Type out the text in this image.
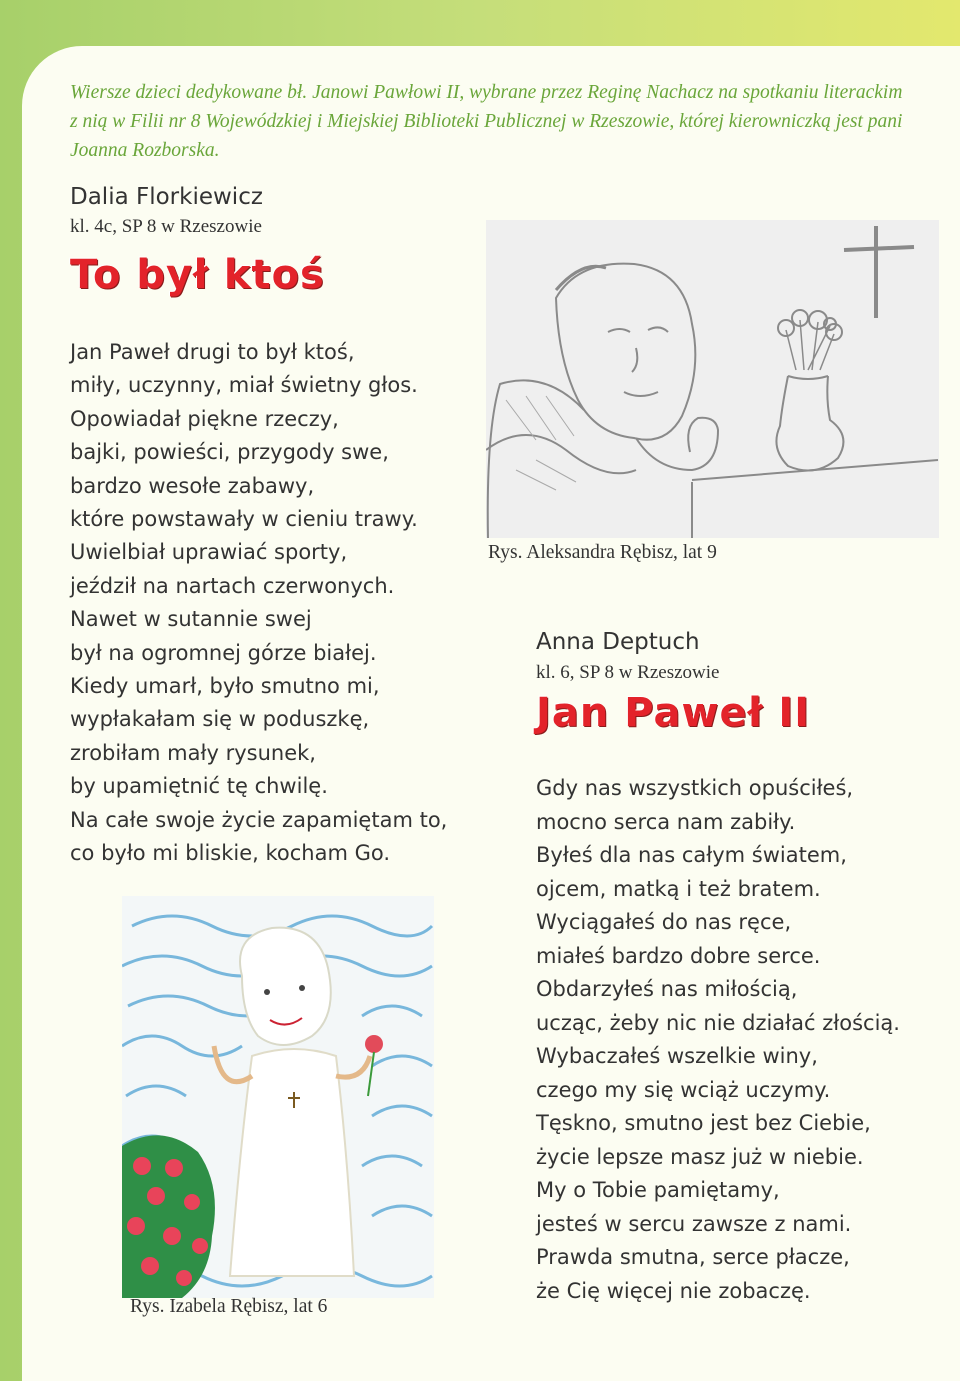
Wiersze dzieci dedykowane bł. Janowi Pawłowi II, wybrane przez Reginę Nachacz na spotkaniu literackim z nią w Filii nr 8 Wojewódzkiej i Miejskiej Biblioteki Publicznej w Rzeszowie, której kierowniczką jest pani Joanna Rozborska.

Dalia Florkiewicz

kl. 4c, SP 8 w Rzeszowie

To był ktoś
Jan Paweł drugi to był ktoś,
miły, uczynny, miał świetny głos.
Opowiadał piękne rzeczy,
bajki, powieści, przygody swe,
bardzo wesołe zabawy,
które powstawały w cieniu trawy.
Uwielbiał uprawiać sporty,
jeździł na nartach czerwonych.
Nawet w sutannie swej
był na ogromnej górze białej.
Kiedy umarł, było smutno mi,
wypłakałam się w poduszkę,
zrobiłam mały rysunek,
by upamiętnić tę chwilę.
Na całe swoje życie zapamiętam to,
co było mi bliskie, kocham Go.

Rys. Aleksandra Rębisz, lat 9

Anna Deptuch

kl. 6, SP 8 w Rzeszowie

Jan Paweł II
Gdy nas wszystkich opuściłeś,
mocno serca nam zabiły.
Byłeś dla nas całym światem,
ojcem, matką i też bratem.
Wyciągałeś do nas ręce,
miałeś bardzo dobre serce.
Obdarzyłeś nas miłością,
ucząc, żeby nic nie działać złością.
Wybaczałeś wszelkie winy,
czego my się wciąż uczymy.
Tęskno, smutno jest bez Ciebie,
życie lepsze masz już w niebie.
My o Tobie pamiętamy,
jesteś w sercu zawsze z nami.
Prawda smutna, serce płacze,
że Cię więcej nie zobaczę.

Rys. Izabela Rębisz, lat 6
